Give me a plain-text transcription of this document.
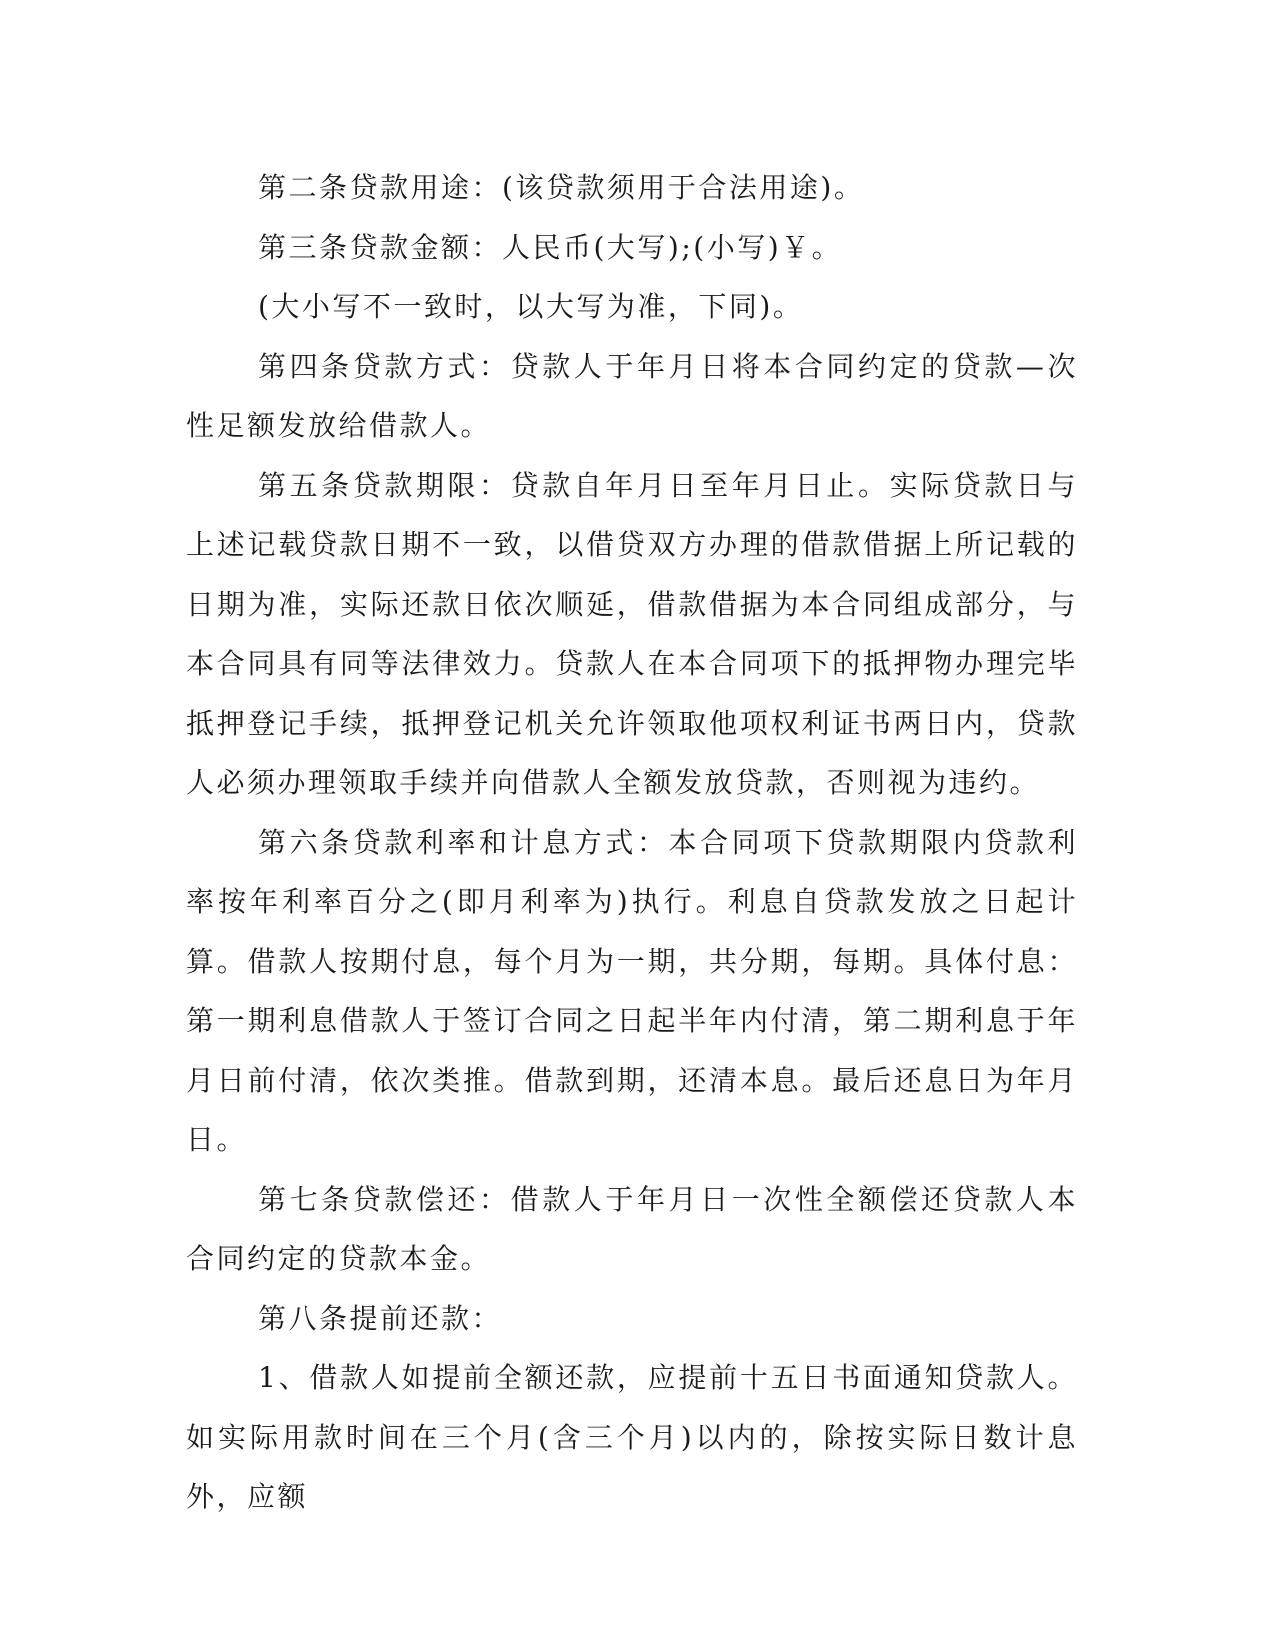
第二条贷款用途：(该贷款须用于合法用途)。

第三条贷款金额：人民币(大写);(小写)￥。

(大小写不一致时，以大写为准，下同)。

第四条贷款方式：贷款人于年月日将本合同约定的贷款—次性足额发放给借款人。

第五条贷款期限：贷款自年月日至年月日止。实际贷款日与上述记载贷款日期不一致，以借贷双方办理的借款借据上所记载的日期为准，实际还款日依次顺延，借款借据为本合同组成部分，与本合同具有同等法律效力。贷款人在本合同项下的抵押物办理完毕抵押登记手续，抵押登记机关允许领取他项权利证书两日内，贷款人必须办理领取手续并向借款人全额发放贷款，否则视为违约。

第六条贷款利率和计息方式：本合同项下贷款期限内贷款利率按年利率百分之(即月利率为)执行。利息自贷款发放之日起计算。借款人按期付息，每个月为一期，共分期，每期。具体付息：第一期利息借款人于签订合同之日起半年内付清，第二期利息于年月日前付清，依次类推。借款到期，还清本息。最后还息日为年月日。

第七条贷款偿还：借款人于年月日一次性全额偿还贷款人本合同约定的贷款本金。

第八条提前还款：

1、借款人如提前全额还款，应提前十五日书面通知贷款人。如实际用款时间在三个月(含三个月)以内的，除按实际日数计息外，应额
